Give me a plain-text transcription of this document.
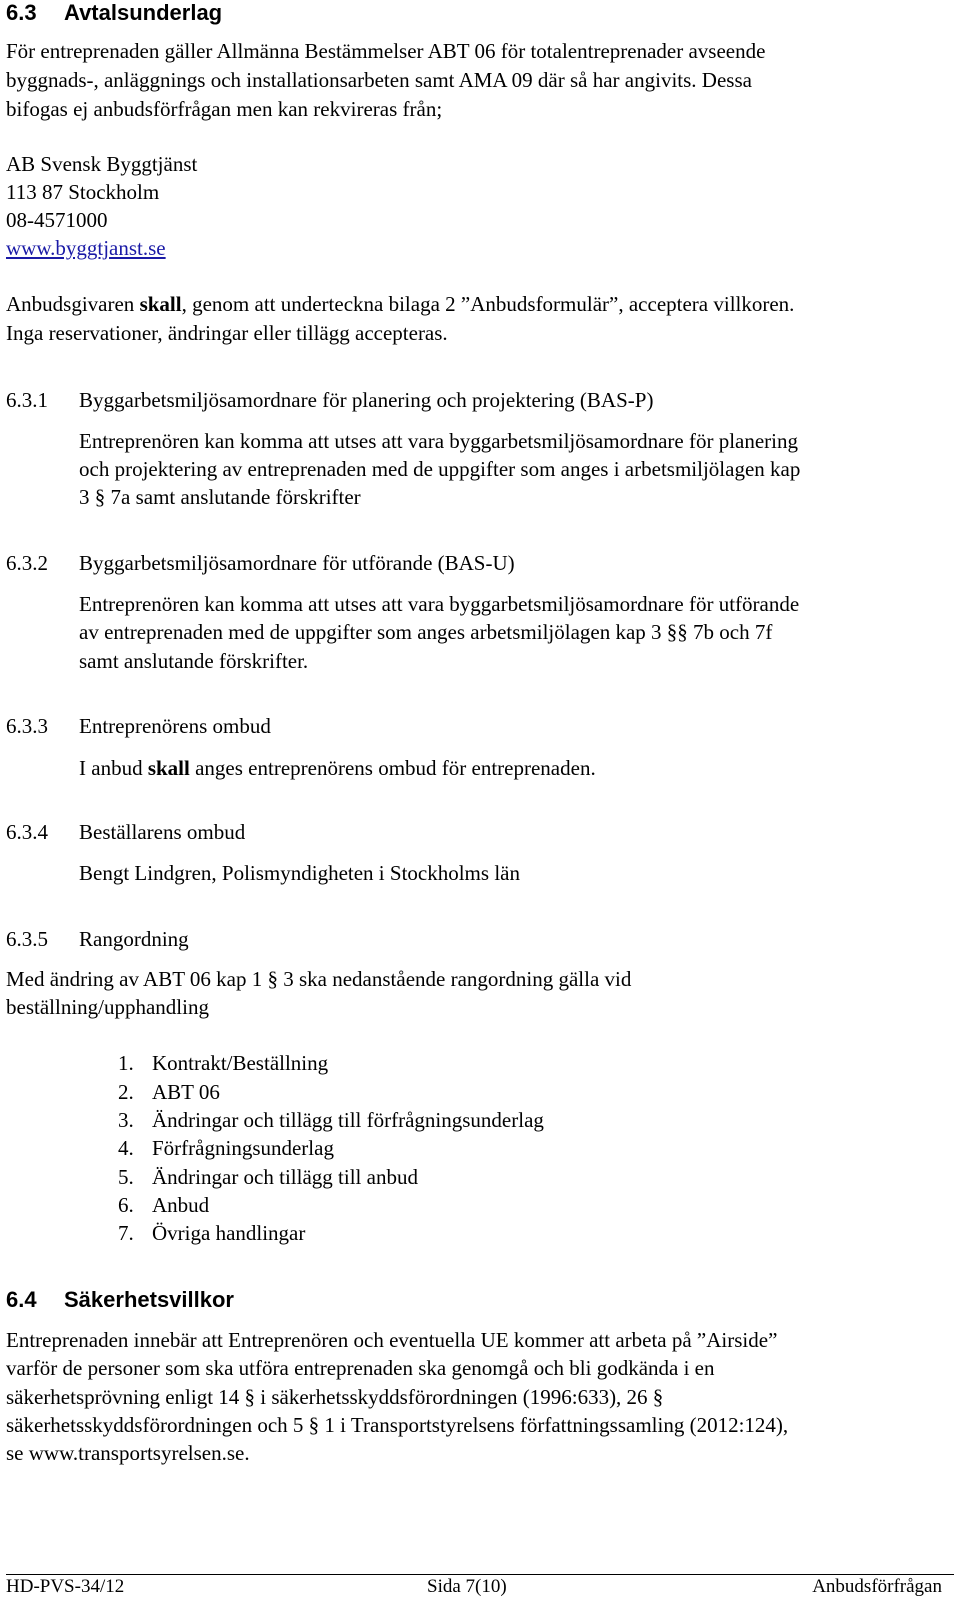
6.3 Avtalsunderlag
För entreprenaden gäller Allmänna Bestämmelser ABT 06 för totalentreprenader avseende
byggnads-, anläggnings och installationsarbeten samt AMA 09 där så har angivits. Dessa
bifogas ej anbudsförfrågan men kan rekvireras från;
AB Svensk Byggtjänst
113 87 Stockholm
08-4571000
www.byggtjanst.se
Anbudsgivaren skall, genom att underteckna bilaga 2 ”Anbudsformulär”, acceptera villkoren.
Inga reservationer, ändringar eller tillägg accepteras.
6.3.1 Byggarbetsmiljösamordnare för planering och projektering (BAS-P)
Entreprenören kan komma att utses att vara byggarbetsmiljösamordnare för planering
och projektering av entreprenaden med de uppgifter som anges i arbetsmiljölagen kap
3 § 7a samt anslutande förskrifter
6.3.2 Byggarbetsmiljösamordnare för utförande (BAS-U)
Entreprenören kan komma att utses att vara byggarbetsmiljösamordnare för utförande
av entreprenaden med de uppgifter som anges arbetsmiljölagen kap 3 §§ 7b och 7f
samt anslutande förskrifter.
6.3.3 Entreprenörens ombud
I anbud skall anges entreprenörens ombud för entreprenaden.
6.3.4 Beställarens ombud
Bengt Lindgren, Polismyndigheten i Stockholms län
6.3.5 Rangordning
Med ändring av ABT 06 kap 1 § 3 ska nedanstående rangordning gälla vid
beställning/upphandling
1. Kontrakt/Beställning
2. ABT 06
3. Ändringar och tillägg till förfrågningsunderlag
4. Förfrågningsunderlag
5. Ändringar och tillägg till anbud
6. Anbud
7. Övriga handlingar
6.4 Säkerhetsvillkor
Entreprenaden innebär att Entreprenören och eventuella UE kommer att arbeta på ”Airside”
varför de personer som ska utföra entreprenaden ska genomgå och bli godkända i en
säkerhetsprövning enligt 14 § i säkerhetsskyddsförordningen (1996:633), 26 §
säkerhetsskyddsförordningen och 5 § 1 i Transportstyrelsens författningssamling (2012:124),
se www.transportsyrelsen.se.
HD-PVS-34/12	Sida 7(10)	Anbudsförfrågan
